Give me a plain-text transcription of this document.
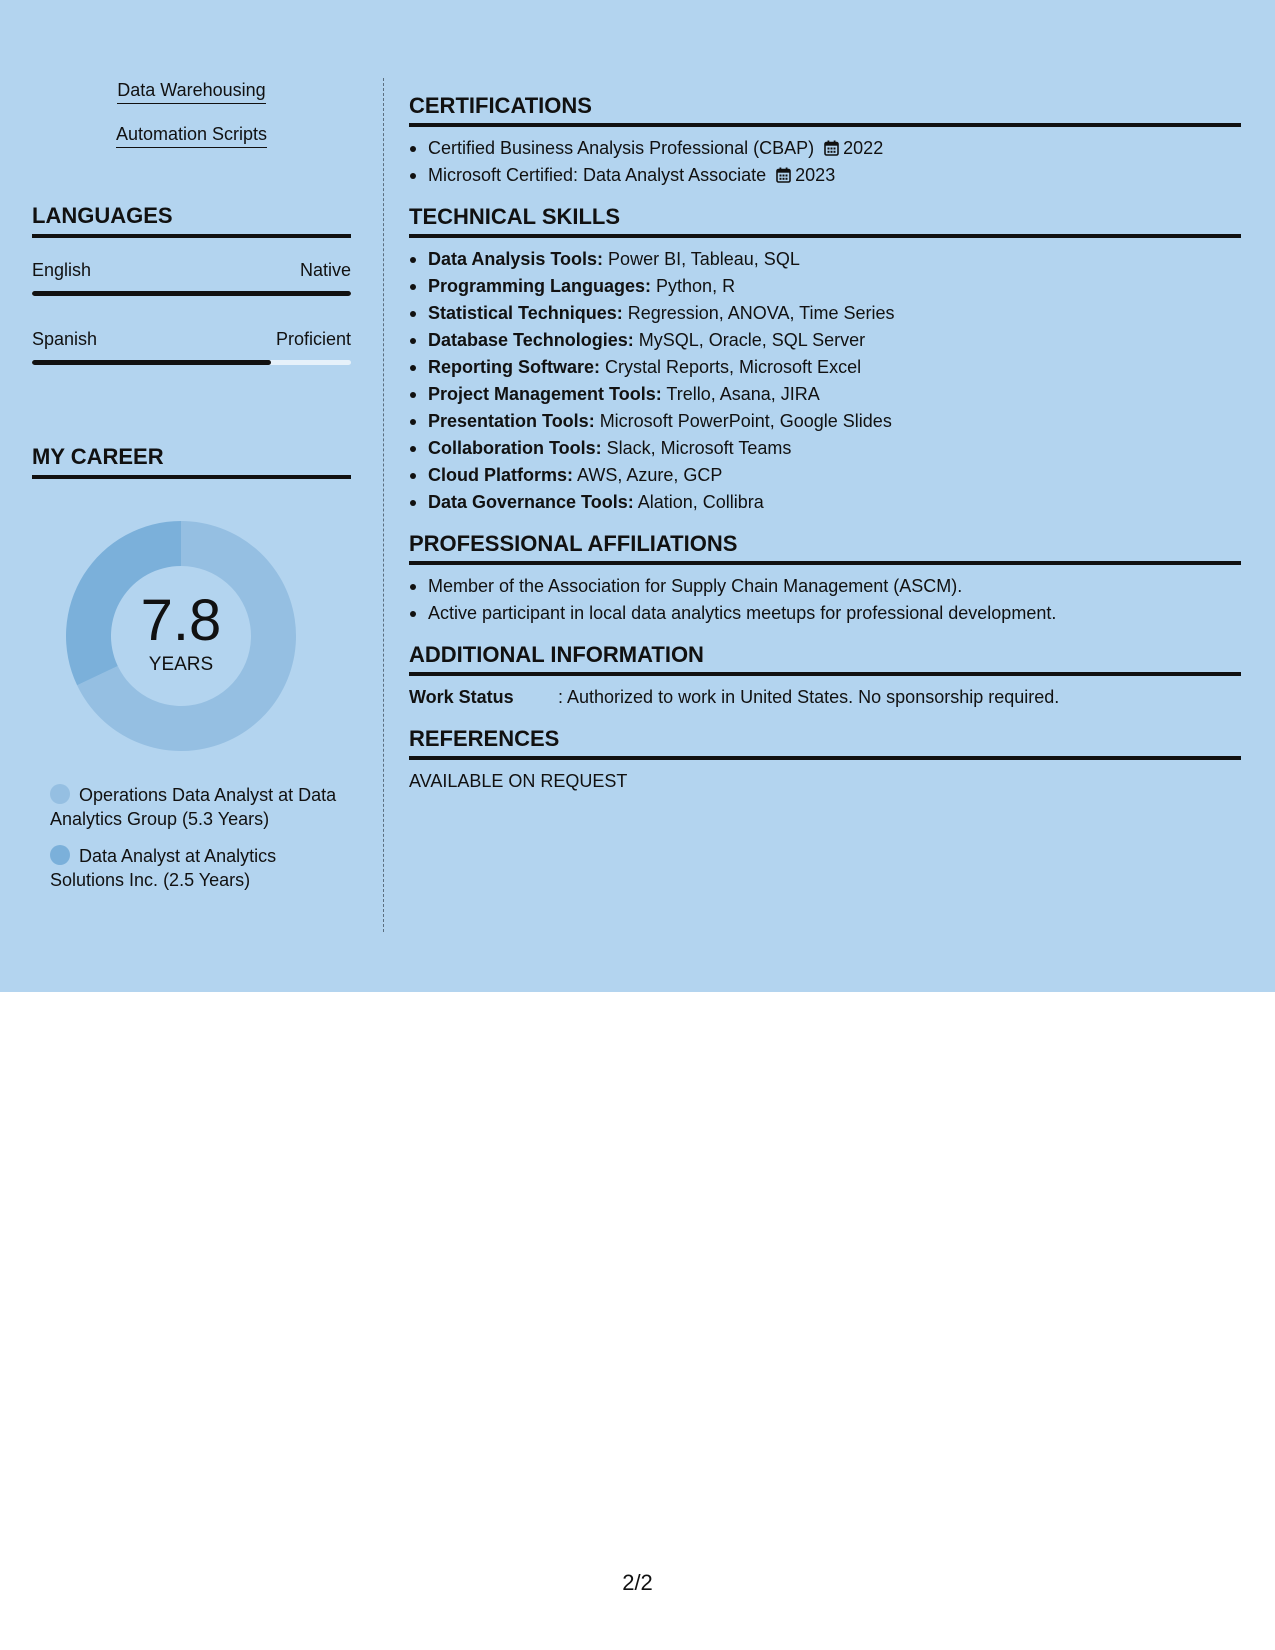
Data Warehousing
Automation Scripts
LANGUAGES
English	Native
Spanish	Proficient
MY CAREER
7.8
YEARS
Operations Data Analyst at Data Analytics Group (5.3 Years)
Data Analyst at Analytics Solutions Inc. (2.5 Years)
CERTIFICATIONS
Certified Business Analysis Professional (CBAP) 2022
Microsoft Certified: Data Analyst Associate 2023
TECHNICAL SKILLS
Data Analysis Tools: Power BI, Tableau, SQL
Programming Languages: Python, R
Statistical Techniques: Regression, ANOVA, Time Series
Database Technologies: MySQL, Oracle, SQL Server
Reporting Software: Crystal Reports, Microsoft Excel
Project Management Tools: Trello, Asana, JIRA
Presentation Tools: Microsoft PowerPoint, Google Slides
Collaboration Tools: Slack, Microsoft Teams
Cloud Platforms: AWS, Azure, GCP
Data Governance Tools: Alation, Collibra
PROFESSIONAL AFFILIATIONS
Member of the Association for Supply Chain Management (ASCM).
Active participant in local data analytics meetups for professional development.
ADDITIONAL INFORMATION
Work Status	: Authorized to work in United States. No sponsorship required.
REFERENCES
AVAILABLE ON REQUEST
2/2
